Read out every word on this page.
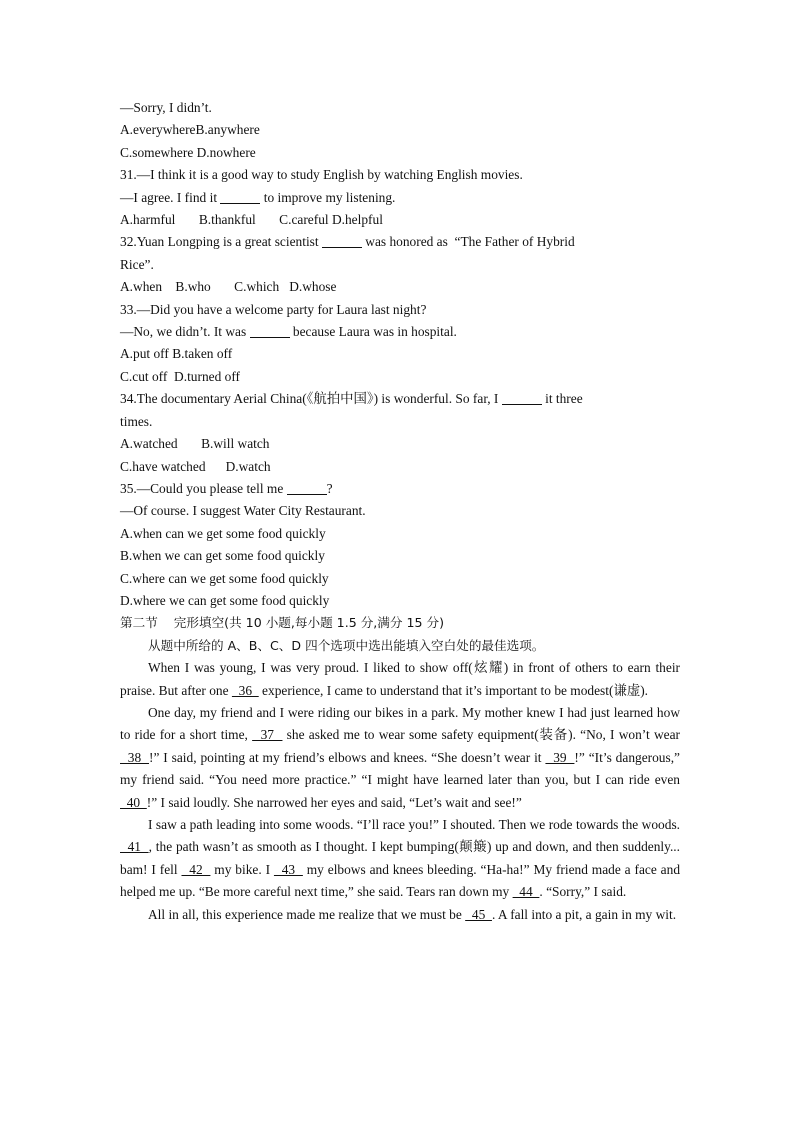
—Sorry, I didn’t.

A.everywhereB.anywhere

C.somewhere D.nowhere

31.—I think it is a good way to study English by watching English movies.

—I agree. I find it	to improve my listening.

A.harmful       B.thankful       C.careful D.helpful

32.Yuan Longping is a great scientist	was honored as  “The Father of Hybrid

Rice”.

A.when    B.who       C.which   D.whose

33.—Did you have a welcome party for Laura last night?

—No, we didn’t. It was	because Laura was in hospital.

A.put off B.taken off

C.cut off  D.turned off

34.The documentary Aerial China(《航拍中国》) is wonderful. So far, I	it three

times.

A.watched       B.will watch

C.have watched      D.watch

35.—Could you please tell me	?

—Of course. I suggest Water City Restaurant.

A.when can we get some food quickly

B.when we can get some food quickly

C.where can we get some food quickly

D.where we can get some food quickly

第二节    完形填空(共 10 小题,每小题 1.5 分,满分 15 分)

从题中所给的 A、B、C、D 四个选项中选出能填入空白处的最佳选项。

When I was young, I was very proud. I liked to show off(炫耀) in front of others to earn their praise. But after one   36   experience, I came to understand that it’s important to be modest(谦虚).

One day, my friend and I were riding our bikes in a park. My mother knew I had just learned how to ride for a short time,   37   she asked me to wear some safety equipment(装备). “No, I won’t wear   38  !” I said, pointing at my friend’s elbows and knees. “She doesn’t wear it   39  !” “It’s dangerous,” my friend said. “You need more practice.” “I might have learned later than you, but I can ride even   40  !” I said loudly. She narrowed her eyes and said, “Let’s wait and see!”

I saw a path leading into some woods. “I’ll race you!” I shouted. Then we rode towards the woods.   41  , the path wasn’t as smooth as I thought. I kept bumping(颠簸) up and down, and then suddenly... bam! I fell   42   my bike. I   43   my elbows and knees bleeding. “Ha-ha!” My friend made a face and helped me up. “Be more careful next time,” she said. Tears ran down my   44  . “Sorry,” I said.

All in all, this experience made me realize that we must be   45  . A fall into a pit, a gain in my wit.
